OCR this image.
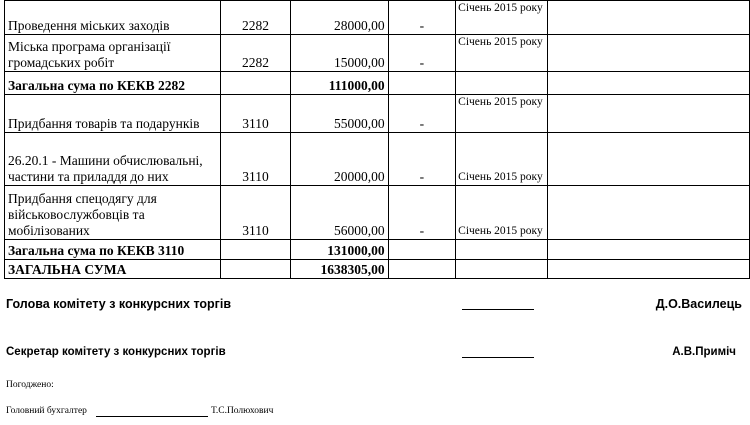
Проведення міських заходів	2282	28000,00	-	Січень 2015 року	
Міська програма організації громадських робіт	2282	15000,00	-	Січень 2015 року	
Загальна сума по КЕКВ 2282		111000,00			
Придбання товарів та подарунків	3110	55000,00	-	Січень 2015 року	
26.20.1 - Машини обчислювальні, частини та приладдя до них	3110	20000,00	-	Січень 2015 року	
Придбання спецодягу для військовослужбовців та мобілізованих	3110	56000,00	-	Січень 2015 року	
Загальна сума по КЕКВ 3110		131000,00			
ЗАГАЛЬНА СУМА		1638305,00			
Голова комітету з конкурсних торгів	Д.О.Василець
Секретар комітету з конкурсних торгів	А.В.Приміч
Погоджено:
Головний бухгалтер	Т.С.Полюхович
